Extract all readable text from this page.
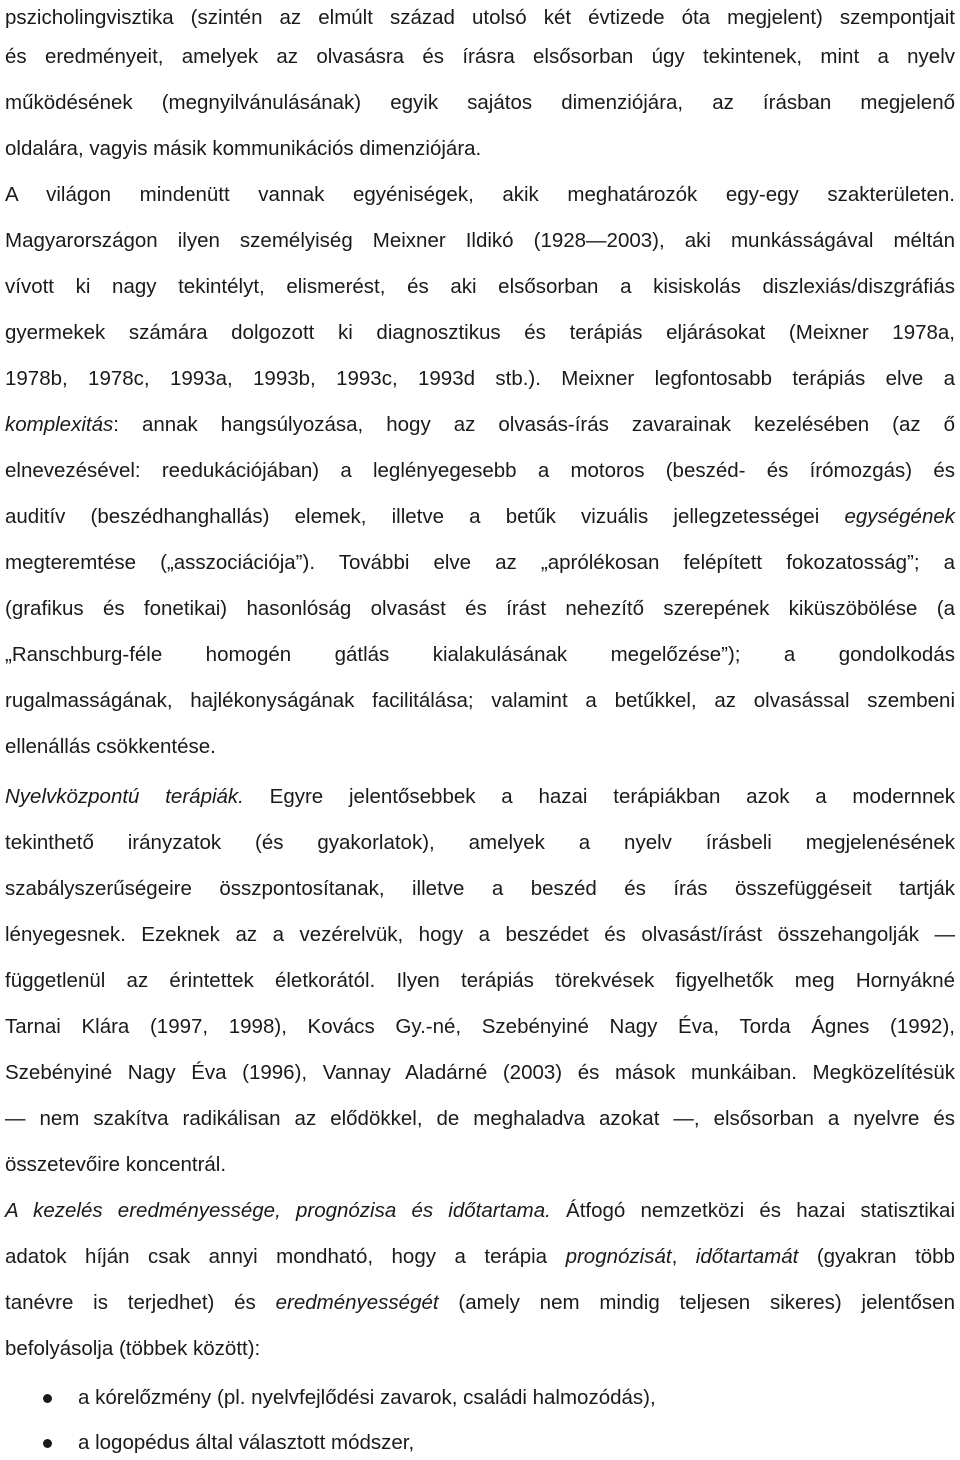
pszicholingvisztika (szintén az elmúlt század utolsó két évtizede óta megjelent) szempontjait
és eredményeit, amelyek az olvasásra és írásra elsősorban úgy tekintenek, mint a nyelv
működésének (megnyilvánulásának) egyik sajátos dimenziójára, az írásban megjelenő
oldalára, vagyis másik kommunikációs dimenziójára.
A világon mindenütt vannak egyéniségek, akik meghatározók egy-egy szakterületen.
Magyarországon ilyen személyiség Meixner Ildikó (1928—2003), aki munkásságával méltán
vívott ki nagy tekintélyt, elismerést, és aki elsősorban a kisiskolás diszlexiás/diszgráfiás
gyermekek számára dolgozott ki diagnosztikus és terápiás eljárásokat (Meixner 1978a,
1978b, 1978c, 1993a, 1993b, 1993c, 1993d stb.). Meixner legfontosabb terápiás elve a
komplexitás: annak hangsúlyozása, hogy az olvasás-írás zavarainak kezelésében (az ő
elnevezésével: reedukációjában) a leglényegesebb a motoros (beszéd- és írómozgás) és
auditív (beszédhanghallás) elemek, illetve a betűk vizuális jellegzetességei egységének
megteremtése („asszociációja”). További elve az „aprólékosan felépített fokozatosság”; a
(grafikus és fonetikai) hasonlóság olvasást és írást nehezítő szerepének kiküszöbölése (a
„Ranschburg-féle homogén gátlás kialakulásának megelőzése”); a gondolkodás
rugalmasságának, hajlékonyságának facilitálása; valamint a betűkkel, az olvasással szembeni
ellenállás csökkentése.
Nyelvközpontú terápiák. Egyre jelentősebbek a hazai terápiákban azok a modernnek
tekinthető irányzatok (és gyakorlatok), amelyek a nyelv írásbeli megjelenésének
szabályszerűségeire összpontosítanak, illetve a beszéd és írás összefüggéseit tartják
lényegesnek. Ezeknek az a vezérelvük, hogy a beszédet és olvasást/írást összehangolják —
függetlenül az érintettek életkorától. Ilyen terápiás törekvések figyelhetők meg Hornyákné
Tarnai Klára (1997, 1998), Kovács Gy.-né, Szebényiné Nagy Éva, Torda Ágnes (1992),
Szebényiné Nagy Éva (1996), Vannay Aladárné (2003) és mások munkáiban. Megközelítésük
— nem szakítva radikálisan az elődökkel, de meghaladva azokat —, elsősorban a nyelvre és
összetevőire koncentrál.
A kezelés eredményessége, prognózisa és időtartama. Átfogó nemzetközi és hazai statisztikai
adatok híján csak annyi mondható, hogy a terápia prognózisát, időtartamát (gyakran több
tanévre is terjedhet) és eredményességét (amely nem mindig teljesen sikeres) jelentősen
befolyásolja (többek között):
a kórelőzmény (pl. nyelvfejlődési zavarok, családi halmozódás),
a logopédus által választott módszer,
